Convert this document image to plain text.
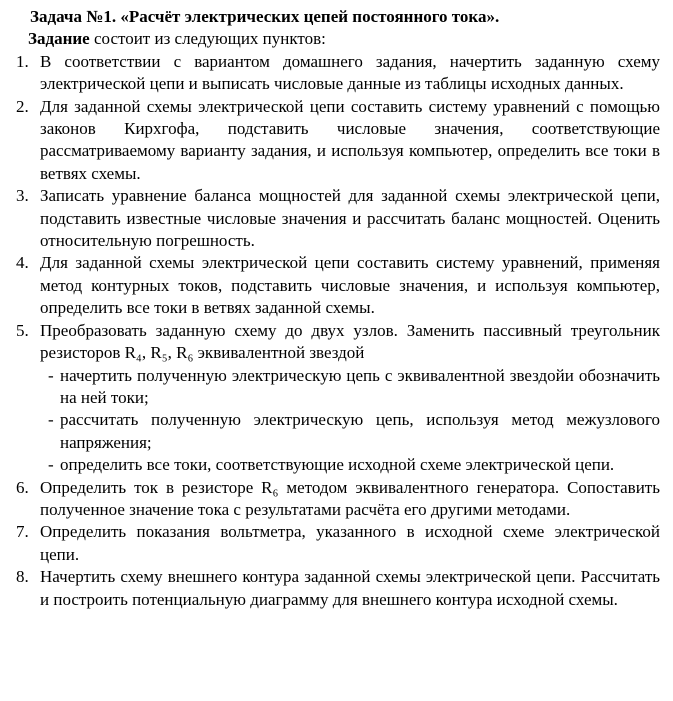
Задача №1. «Расчёт электрических цепей постоянного тока».
Задание состоит из следующих пунктов:
1. В соответствии с вариантом домашнего задания, начертить заданную схему электрической цепи и выписать числовые данные из таблицы исходных данных.
2. Для заданной схемы электрической цепи составить систему уравнений с помощью законов Кирхгофа, подставить числовые значения, соответствующие рассматриваемому варианту задания, и используя компьютер, определить все токи в ветвях схемы.
3. Записать уравнение баланса мощностей для заданной схемы электрической цепи, подставить известные числовые значения и рассчитать баланс мощностей. Оценить относительную погрешность.
4. Для заданной схемы электрической цепи составить систему уравнений, применяя метод контурных токов, подставить числовые значения, и используя компьютер, определить все токи в ветвях заданной схемы.
5. Преобразовать заданную схему до двух узлов. Заменить пассивный треугольник резисторов R₄, R₅, R₆ эквивалентной звездой
- начертить полученную электрическую цепь с эквивалентной звездойи обозначить на ней токи;
- рассчитать полученную электрическую цепь, используя метод межузлового напряжения;
- определить все токи, соответствующие исходной схеме электрической цепи.
6. Определить ток в резисторе R₆ методом эквивалентного генератора. Сопоставить полученное значение тока с результатами расчёта его другими методами.
7. Определить показания вольтметра, указанного в исходной схеме электрической цепи.
8. Начертить схему внешнего контура заданной схемы электрической цепи. Рассчитать и построить потенциальную диаграмму для внешнего контура исходной схемы.
